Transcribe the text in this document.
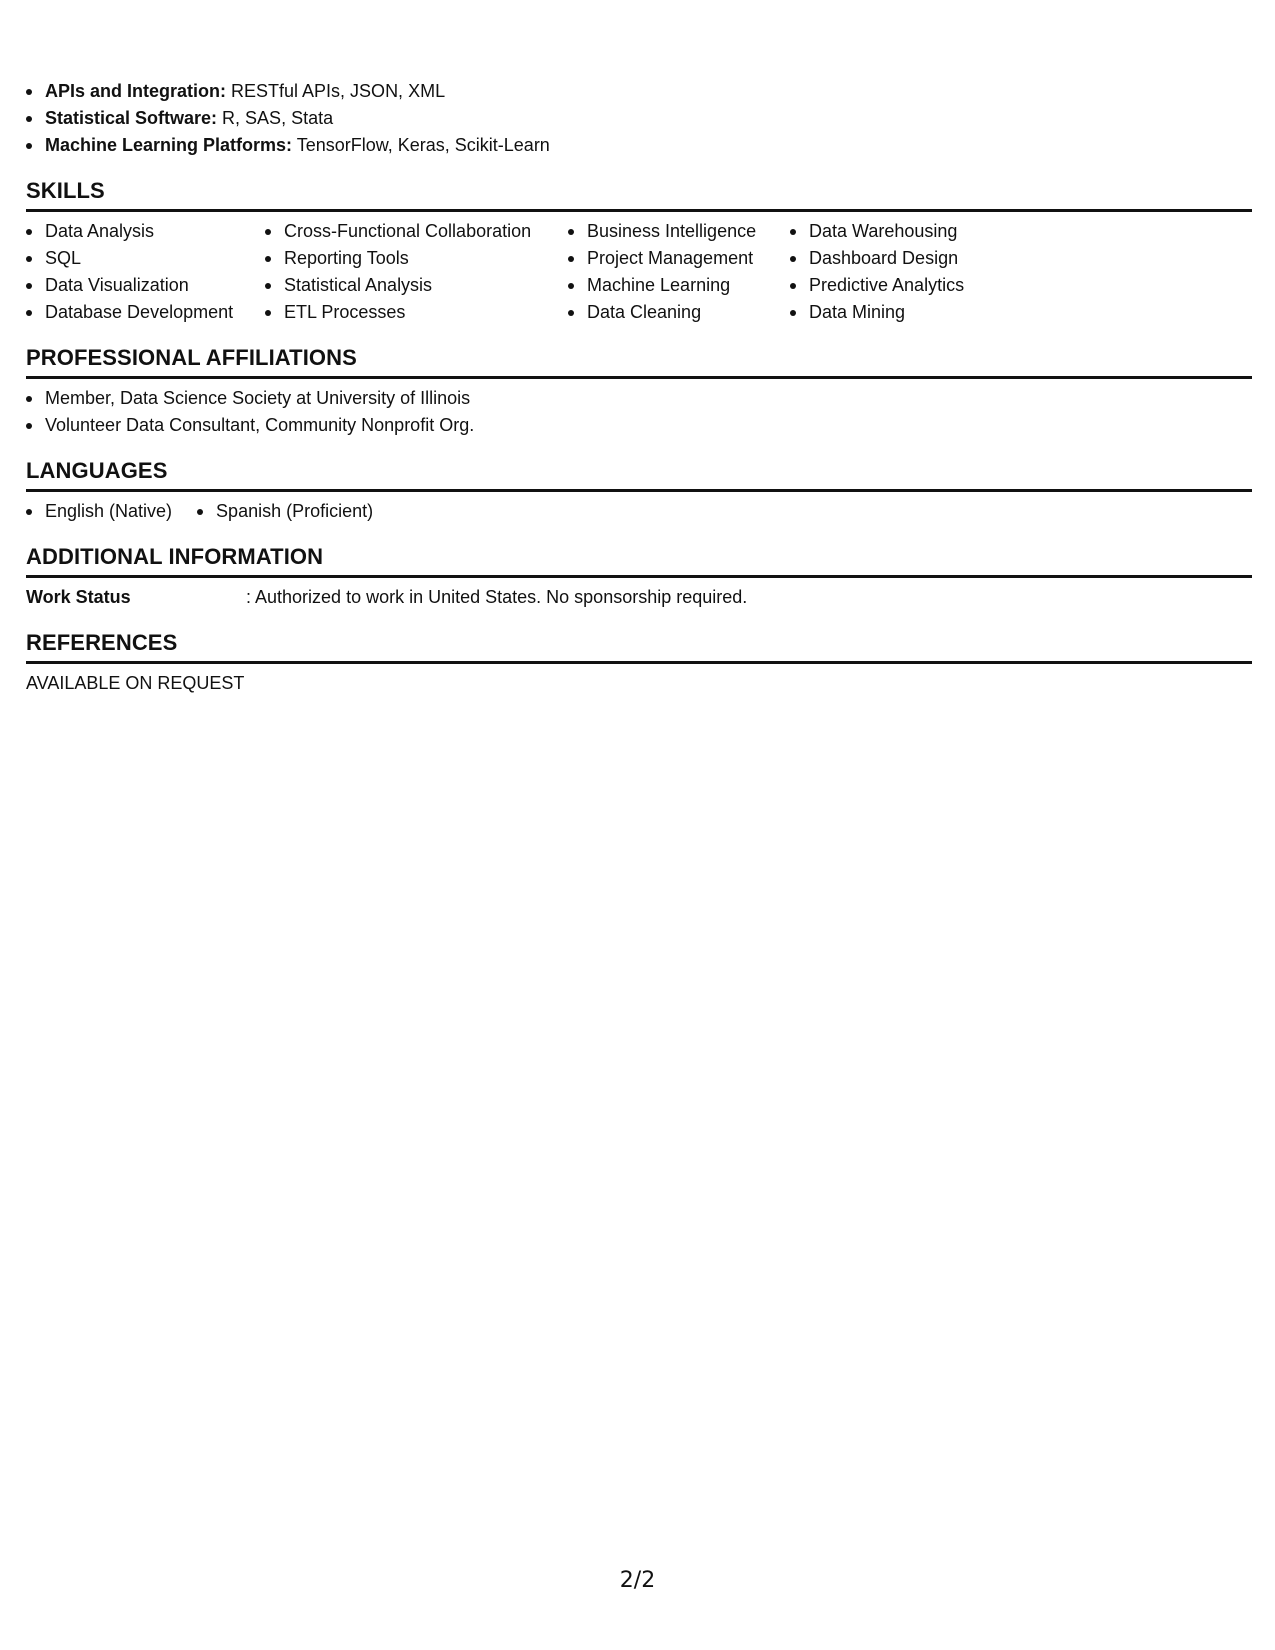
APIs and Integration: RESTful APIs, JSON, XML
Statistical Software: R, SAS, Stata
Machine Learning Platforms: TensorFlow, Keras, Scikit-Learn
SKILLS
Data Analysis
SQL
Data Visualization
Database Development
Cross-Functional Collaboration
Reporting Tools
Statistical Analysis
ETL Processes
Business Intelligence
Project Management
Machine Learning
Data Cleaning
Data Warehousing
Dashboard Design
Predictive Analytics
Data Mining
PROFESSIONAL AFFILIATIONS
Member, Data Science Society at University of Illinois
Volunteer Data Consultant, Community Nonprofit Org.
LANGUAGES
English (Native)	Spanish (Proficient)
ADDITIONAL INFORMATION
Work Status	: Authorized to work in United States. No sponsorship required.
REFERENCES
AVAILABLE ON REQUEST
2/2
